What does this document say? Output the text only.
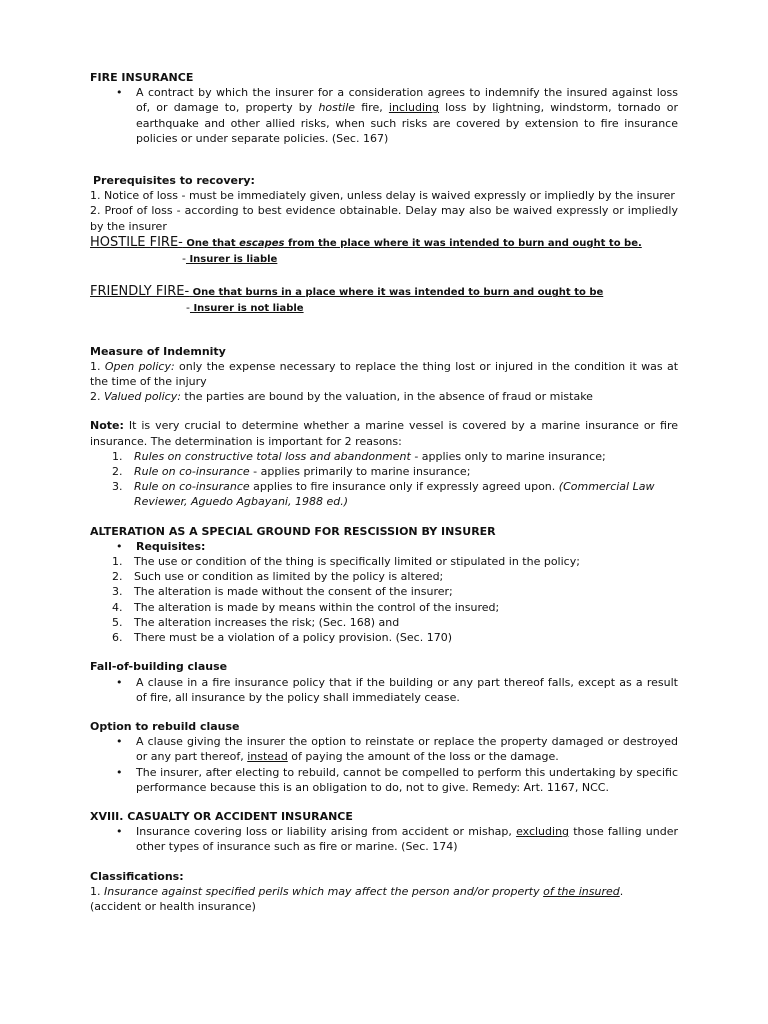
FIRE INSURANCE

•	A contract by which the insurer for a consideration agrees to indemnify the insured against loss of, or damage to, property by hostile fire, including loss by lightning, windstorm, tornado or earthquake and other allied risks, when such risks are covered by extension to fire insurance policies or under separate policies. (Sec. 167)

Prerequisites to recovery:

1. Notice of loss - must be immediately given, unless delay is waived expressly or impliedly by the insurer

2. Proof of loss - according to best evidence obtainable. Delay may also be waived expressly or impliedly by the insurer

HOSTILE FIRE- One that escapes from the place where it was intended to burn and ought to be.

- Insurer is liable

FRIENDLY FIRE- One that burns in a place where it was intended to burn and ought to be

- Insurer is not liable

Measure of Indemnity

1. Open policy: only the expense necessary to replace the thing lost or injured in the condition it was at the time of the injury

2. Valued policy: the parties are bound by the valuation, in the absence of fraud or mistake

Note: It is very crucial to determine whether a marine vessel is covered by a marine insurance or fire insurance. The determination is important for 2 reasons:

1.	Rules on constructive total loss and abandonment - applies only to marine insurance;
2.	Rule on co-insurance - applies primarily to marine insurance;
3.	Rule on co-insurance applies to fire insurance only if expressly agreed upon. (Commercial Law Reviewer, Aguedo Agbayani, 1988 ed.)

ALTERATION AS A SPECIAL GROUND FOR RESCISSION BY INSURER

•	Requisites:
1.	The use or condition of the thing is specifically limited or stipulated in the policy;
2.	Such use or condition as limited by the policy is altered;
3.	The alteration is made without the consent of the insurer;
4.	The alteration is made by means within the control of the insured;
5.	The alteration increases the risk; (Sec. 168) and
6.	There must be a violation of a policy provision. (Sec. 170)

Fall-of-building clause

•	A clause in a fire insurance policy that if the building or any part thereof falls, except as a result of fire, all insurance by the policy shall immediately cease.

Option to rebuild clause

•	A clause giving the insurer the option to reinstate or replace the property damaged or destroyed or any part thereof, instead of paying the amount of the loss or the damage.
•	The insurer, after electing to rebuild, cannot be compelled to perform this undertaking by specific performance because this is an obligation to do, not to give. Remedy: Art. 1167, NCC.

XVIII. CASUALTY OR ACCIDENT INSURANCE

•	Insurance covering loss or liability arising from accident or mishap, excluding those falling under other types of insurance such as fire or marine. (Sec. 174)

Classifications:

1. Insurance against specified perils which may affect the person and/or property of the insured.

(accident or health insurance)
